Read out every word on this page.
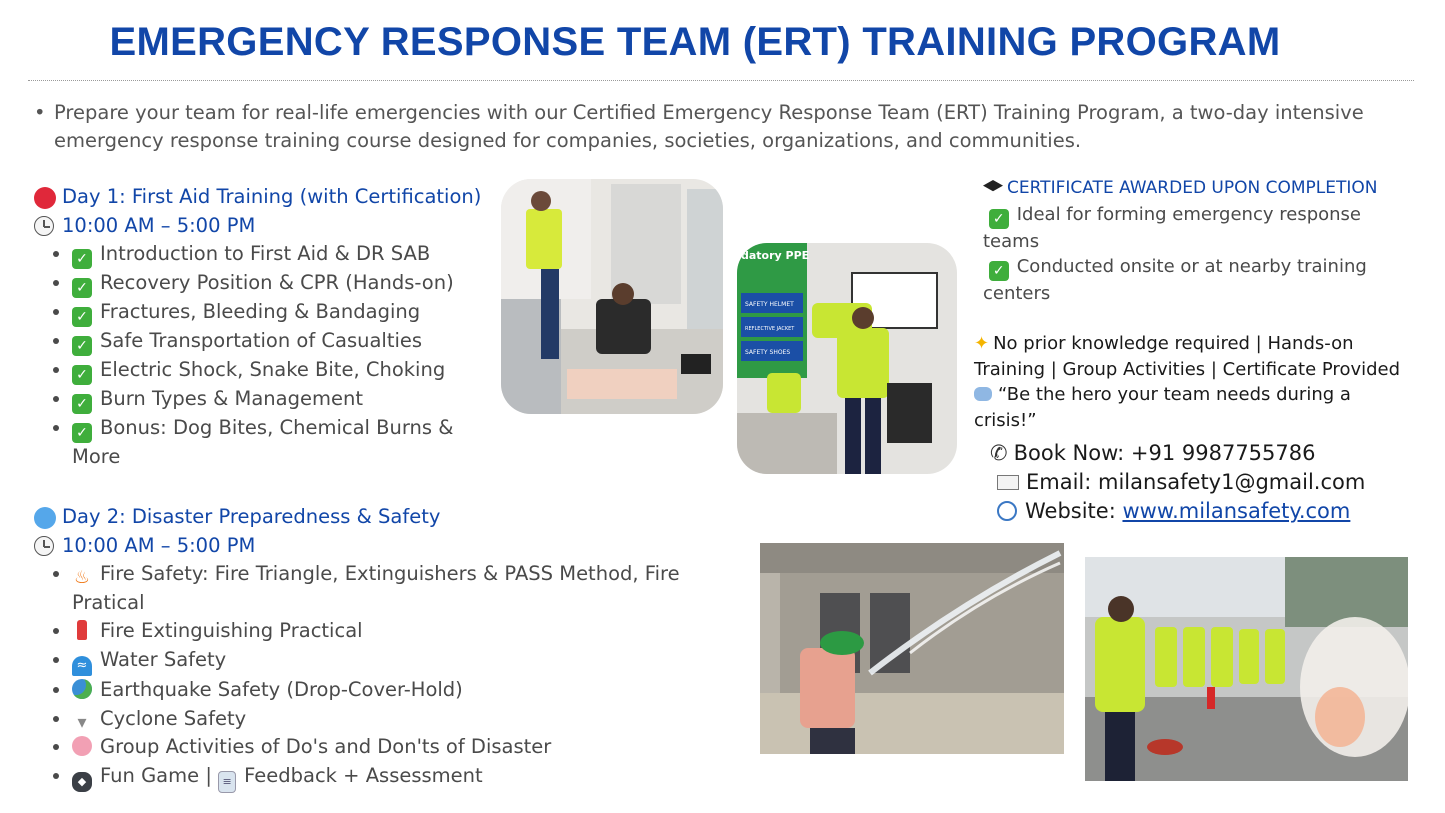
EMERGENCY RESPONSE TEAM (ERT) TRAINING PROGRAM
• Prepare your team for real-life emergencies with our Certified Emergency Response Team (ERT) Training Program, a two-day intensive emergency response training course designed for companies, societies, organizations, and communities.
Day 1: First Aid Training (with Certification)
10:00 AM – 5:00 PM
• ✓ Introduction to First Aid & DR SAB
• ✓ Recovery Position & CPR (Hands-on)
• ✓ Fractures, Bleeding & Bandaging
• ✓ Safe Transportation of Casualties
• ✓ Electric Shock, Snake Bite, Choking
• ✓ Burn Types & Management
• ✓ Bonus: Dog Bites, Chemical Burns & More
Day 2: Disaster Preparedness & Safety
10:00 AM – 5:00 PM
• ♨ Fire Safety: Fire Triangle, Extinguishers & PASS Method, Fire Pratical
• Fire Extinguishing Practical
• ≈ Water Safety
• Earthquake Safety (Drop-Cover-Hold)
• ▾ Cyclone Safety
• Group Activities of Do's and Don'ts of Disaster
• ◆ Fun Game | ≡ Feedback + Assessment
datory PPE
SAFETY HELMET
REFLECTIVE JACKET
SAFETY SHOES
CERTIFICATE AWARDED UPON COMPLETION
✓ Ideal for forming emergency response teams
✓ Conducted onsite or at nearby training centers
✦ No prior knowledge required | Hands-on Training | Group Activities | Certificate Provided
“Be the hero your team needs during a crisis!”
✆ Book Now: +91 9987755786
Email: milansafety1@gmail.com
Website: www.milansafety.com
